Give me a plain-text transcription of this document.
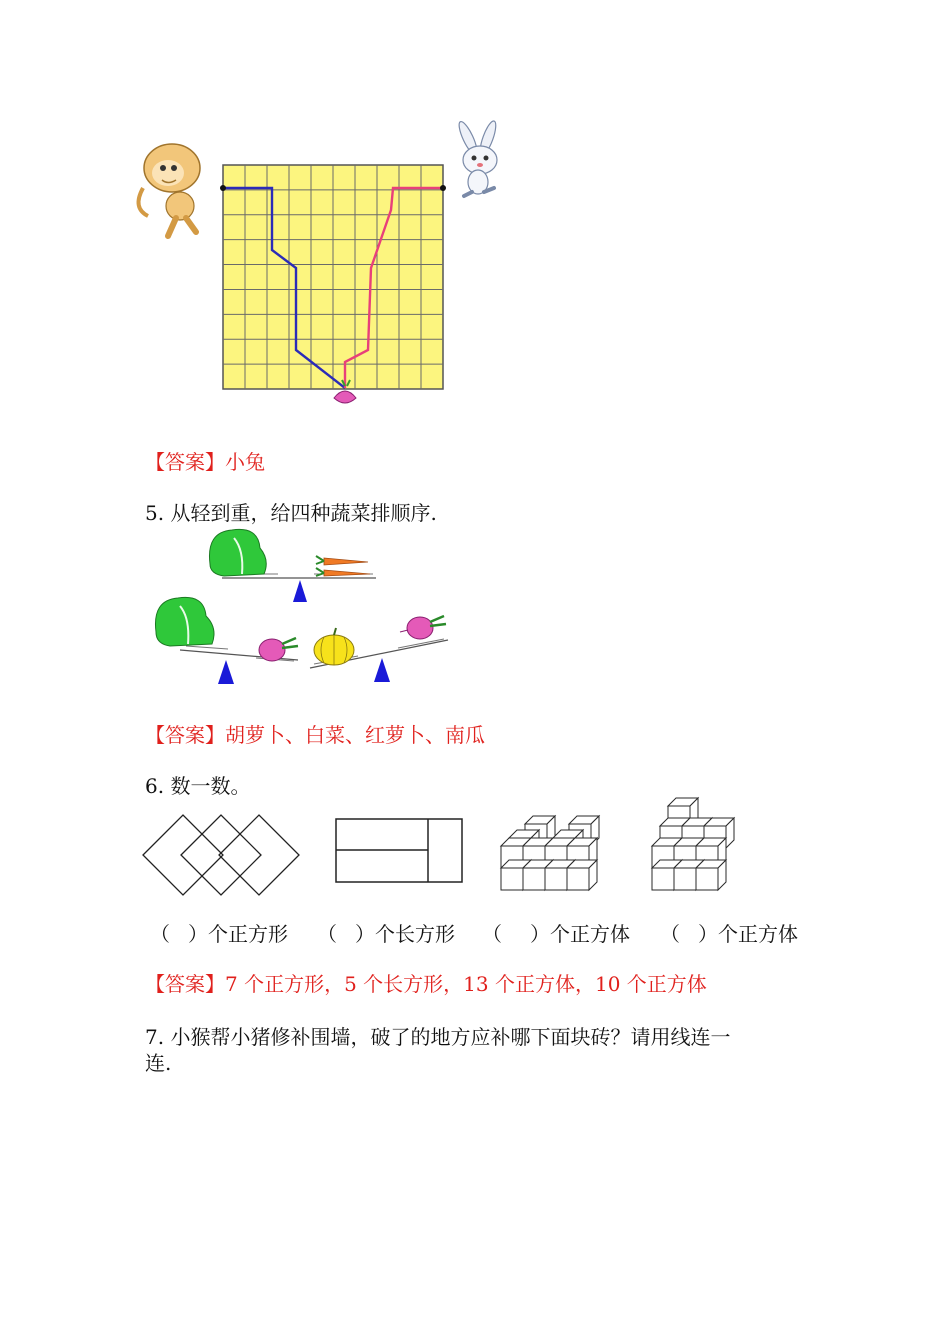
【答案】小兔
5. 从轻到重，给四种蔬菜排顺序.
【答案】胡萝卜、白菜、红萝卜、南瓜
6. 数一数。
（ ）个正方形 （ ）个长方形 （ ）个正方体 （ ）个正方体
【答案】7 个正方形，5 个长方形，13 个正方体，10 个正方体
7. 小猴帮小猪修补围墙，破了的地方应补哪下面块砖？请用线连一
连.
